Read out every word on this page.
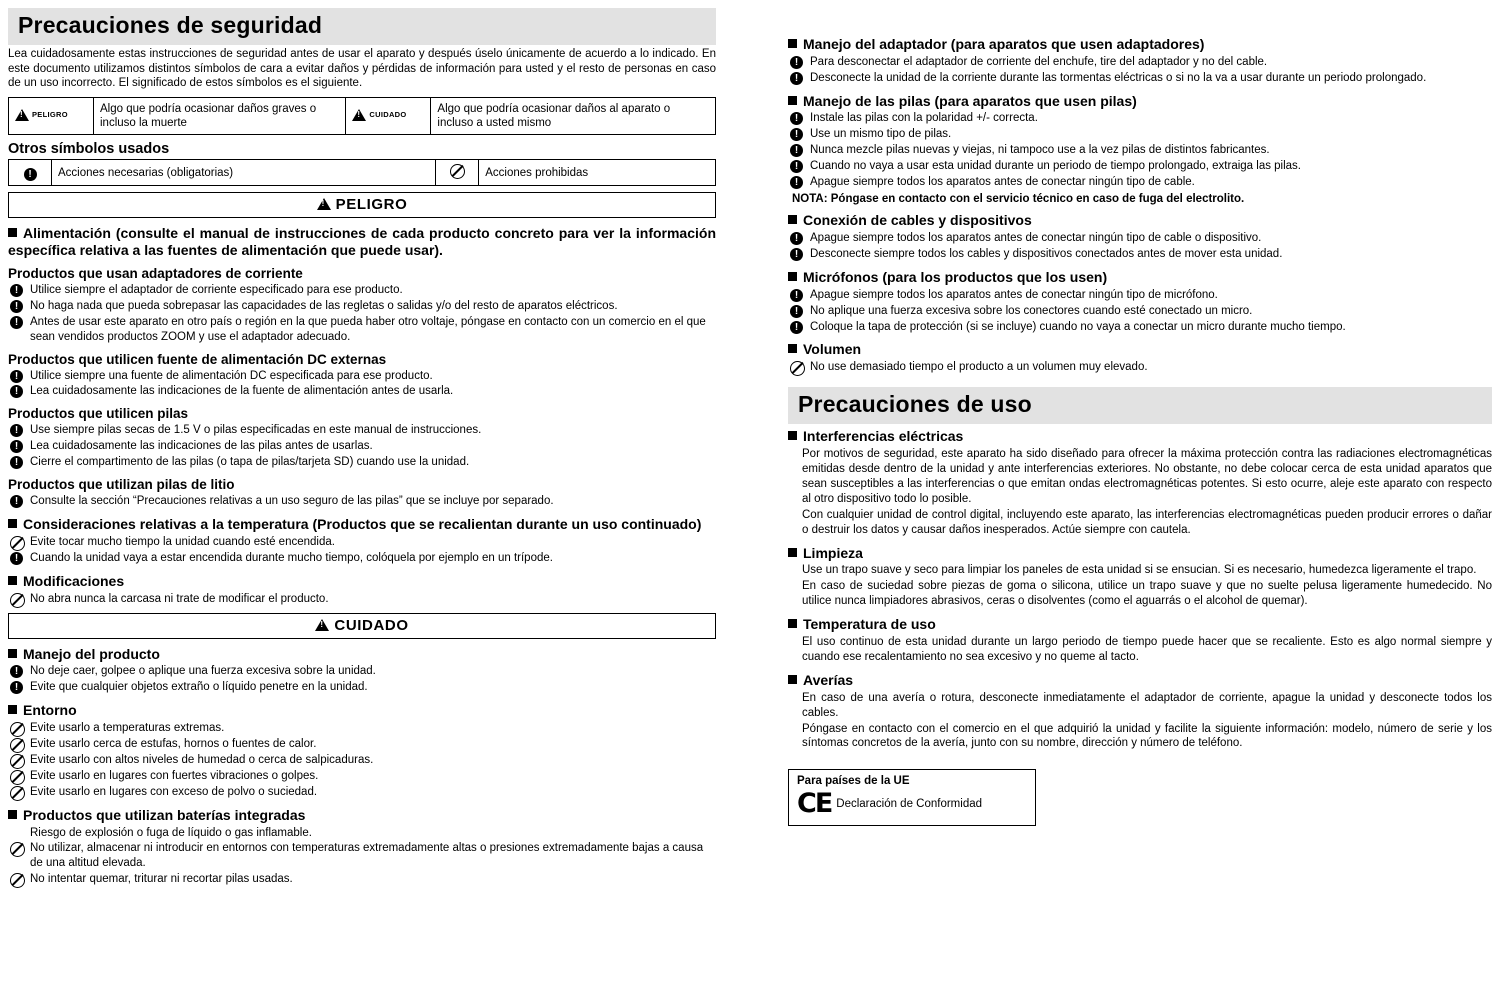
Precauciones de seguridad

Lea cuidadosamente estas instrucciones de seguridad antes de usar el aparato y después úselo únicamente de acuerdo a lo indicado. En este documento utilizamos distintos símbolos de cara a evitar daños y pérdidas de información para usted y el resto de personas en caso de un uso incorrecto. El significado de estos símbolos es el siguiente.

!PELIGRO	Algo que podría ocasionar daños graves o incluso la muerte	!CUIDADO	Algo que podría ocasionar daños al aparato o incluso a usted mismo
Otros símbolos usados
!	Acciones necesarias (obligatorias)		Acciones prohibidas
!PELIGRO
Alimentación (consulte el manual de instrucciones de cada producto concreto para ver la información específica relativa a las fuentes de alimentación que puede usar).
Productos que usan adaptadores de corriente
!	Utilice siempre el adaptador de corriente especificado para ese producto.
!	No haga nada que pueda sobrepasar las capacidades de las regletas o salidas y/o del resto de aparatos eléctricos.
!	Antes de usar este aparato en otro país o región en la que pueda haber otro voltaje, póngase en contacto con un comercio en el que sean vendidos productos ZOOM y use el adaptador adecuado.
Productos que utilicen fuente de alimentación DC externas
!	Utilice siempre una fuente de alimentación DC especificada para ese producto.
!	Lea cuidadosamente las indicaciones de la fuente de alimentación antes de usarla.
Productos que utilicen pilas
!	Use siempre pilas secas de 1.5 V o pilas especificadas en este manual de instrucciones.
!	Lea cuidadosamente las indicaciones de las pilas antes de usarlas.
!	Cierre el compartimento de las pilas (o tapa de pilas/tarjeta SD) cuando use la unidad.
Productos que utilizan pilas de litio
!	Consulte la sección “Precauciones relativas a un uso seguro de las pilas” que se incluye por separado.
Consideraciones relativas a la temperatura (Productos que se recalientan durante un uso continuado)
Evite tocar mucho tiempo la unidad cuando esté encendida.
!	Cuando la unidad vaya a estar encendida durante mucho tiempo, colóquela por ejemplo en un trípode.
Modificaciones
No abra nunca la carcasa ni trate de modificar el producto.
!CUIDADO
Manejo del producto
!	No deje caer, golpee o aplique una fuerza excesiva sobre la unidad.
!	Evite que cualquier objetos extraño o líquido penetre en la unidad.
Entorno
Evite usarlo a temperaturas extremas.
Evite usarlo cerca de estufas, hornos o fuentes de calor.
Evite usarlo con altos niveles de humedad o cerca de salpicaduras.
Evite usarlo en lugares con fuertes vibraciones o golpes.
Evite usarlo en lugares con exceso de polvo o suciedad.
Productos que utilizan baterías integradas
Riesgo de explosión o fuga de líquido o gas inflamable.
No utilizar, almacenar ni introducir en entornos con temperaturas extremadamente altas o presiones extremadamente bajas a causa de una altitud elevada.
No intentar quemar, triturar ni recortar pilas usadas.
Manejo del adaptador (para aparatos que usen adaptadores)
!	Para desconectar el adaptador de corriente del enchufe, tire del adaptador y no del cable.
!	Desconecte la unidad de la corriente durante las tormentas eléctricas o si no la va a usar durante un periodo prolongado.
Manejo de las pilas (para aparatos que usen pilas)
!	Instale las pilas con la polaridad +/- correcta.
!	Use un mismo tipo de pilas.
!	Nunca mezcle pilas nuevas y viejas, ni tampoco use a la vez pilas de distintos fabricantes.
!	Cuando no vaya a usar esta unidad durante un periodo de tiempo prolongado, extraiga las pilas.
!	Apague siempre todos los aparatos antes de conectar ningún tipo de cable.
NOTA: Póngase en contacto con el servicio técnico en caso de fuga del electrolito.
Conexión de cables y dispositivos
!	Apague siempre todos los aparatos antes de conectar ningún tipo de cable o dispositivo.
!	Desconecte siempre todos los cables y dispositivos conectados antes de mover esta unidad.
Micrófonos (para los productos que los usen)
!	Apague siempre todos los aparatos antes de conectar ningún tipo de micrófono.
!	No aplique una fuerza excesiva sobre los conectores cuando esté conectado un micro.
!	Coloque la tapa de protección (si se incluye) cuando no vaya a conectar un micro durante mucho tiempo.
Volumen
No use demasiado tiempo el producto a un volumen muy elevado.
Precauciones de uso
Interferencias eléctricas

Por motivos de seguridad, este aparato ha sido diseñado para ofrecer la máxima protección contra las radiaciones electromagnéticas emitidas desde dentro de la unidad y ante interferencias exteriores. No obstante, no debe colocar cerca de esta unidad aparatos que sean susceptibles a las interferencias o que emitan ondas electromagnéticas potentes. Si esto ocurre, aleje este aparato con respecto al otro dispositivo todo lo posible.

Con cualquier unidad de control digital, incluyendo este aparato, las interferencias electromagnéticas pueden producir errores o dañar o destruir los datos y causar daños inesperados. Actúe siempre con cautela.

Limpieza

Use un trapo suave y seco para limpiar los paneles de esta unidad si se ensucian. Si es necesario, humedezca ligeramente el trapo.

En caso de suciedad sobre piezas de goma o silicona, utilice un trapo suave y que no suelte pelusa ligeramente humedecido. No utilice nunca limpiadores abrasivos, ceras o disolventes (como el aguarrás o el alcohol de quemar).

Temperatura de uso

El uso continuo de esta unidad durante un largo periodo de tiempo puede hacer que se recaliente. Esto es algo normal siempre y cuando ese recalentamiento no sea excesivo y no queme al tacto.

Averías

En caso de una avería o rotura, desconecte inmediatamente el adaptador de corriente, apague la unidad y desconecte todos los cables.

Póngase en contacto con el comercio en el que adquirió la unidad y facilite la siguiente información: modelo, número de serie y los síntomas concretos de la avería, junto con su nombre, dirección y número de teléfono.

Para países de la UE
CE Declaración de Conformidad
